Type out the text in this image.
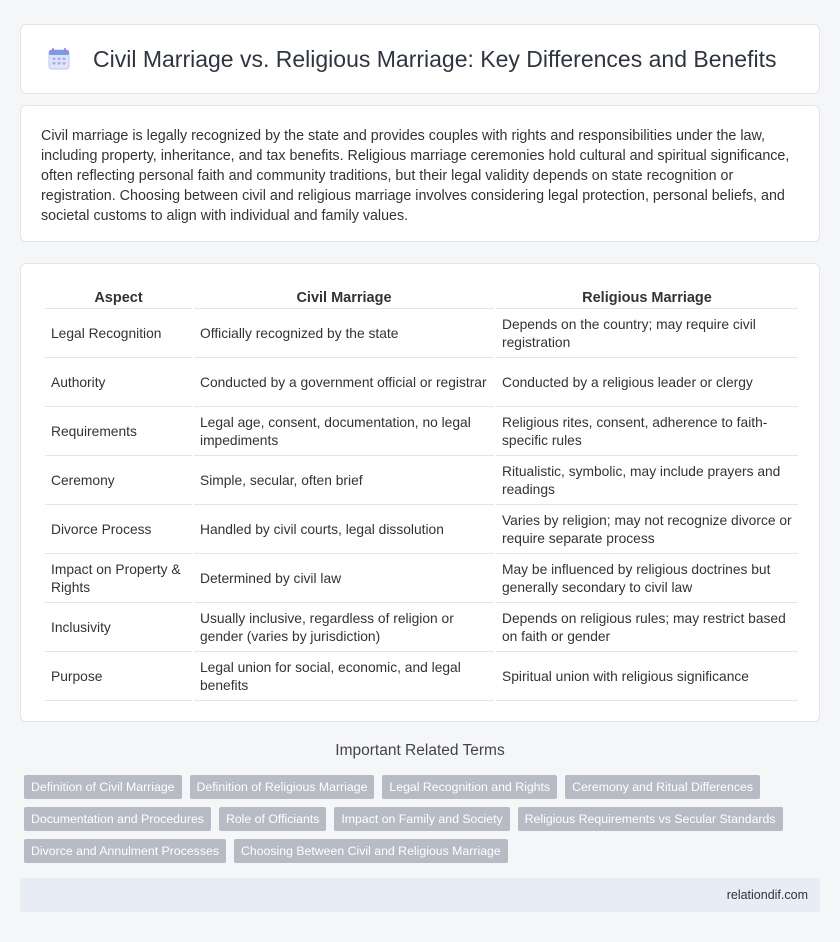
Civil Marriage vs. Religious Marriage: Key Differences and Benefits

Civil marriage is legally recognized by the state and provides couples with rights and responsibilities under the law, including property, inheritance, and tax benefits. Religious marriage ceremonies hold cultural and spiritual significance, often reflecting personal faith and community traditions, but their legal validity depends on state recognition or registration. Choosing between civil and religious marriage involves considering legal protection, personal beliefs, and societal customs to align with individual and family values.

Aspect	Civil Marriage	Religious Marriage
Legal Recognition	Officially recognized by the state	Depends on the country; may require civil registration
Authority	Conducted by a government official or registrar	Conducted by a religious leader or clergy
Requirements	Legal age, consent, documentation, no legal impediments	Religious rites, consent, adherence to faith-specific rules
Ceremony	Simple, secular, often brief	Ritualistic, symbolic, may include prayers and readings
Divorce Process	Handled by civil courts, legal dissolution	Varies by religion; may not recognize divorce or require separate process
Impact on Property & Rights	Determined by civil law	May be influenced by religious doctrines but generally secondary to civil law
Inclusivity	Usually inclusive, regardless of religion or gender (varies by jurisdiction)	Depends on religious rules; may restrict based on faith or gender
Purpose	Legal union for social, economic, and legal benefits	Spiritual union with religious significance
Important Related Terms
Definition of Civil Marriage	Definition of Religious Marriage	Legal Recognition and Rights	Ceremony and Ritual Differences
Documentation and Procedures	Role of Officiants	Impact on Family and Society	Religious Requirements vs Secular Standards
Divorce and Annulment Processes	Choosing Between Civil and Religious Marriage
relationdif.com
